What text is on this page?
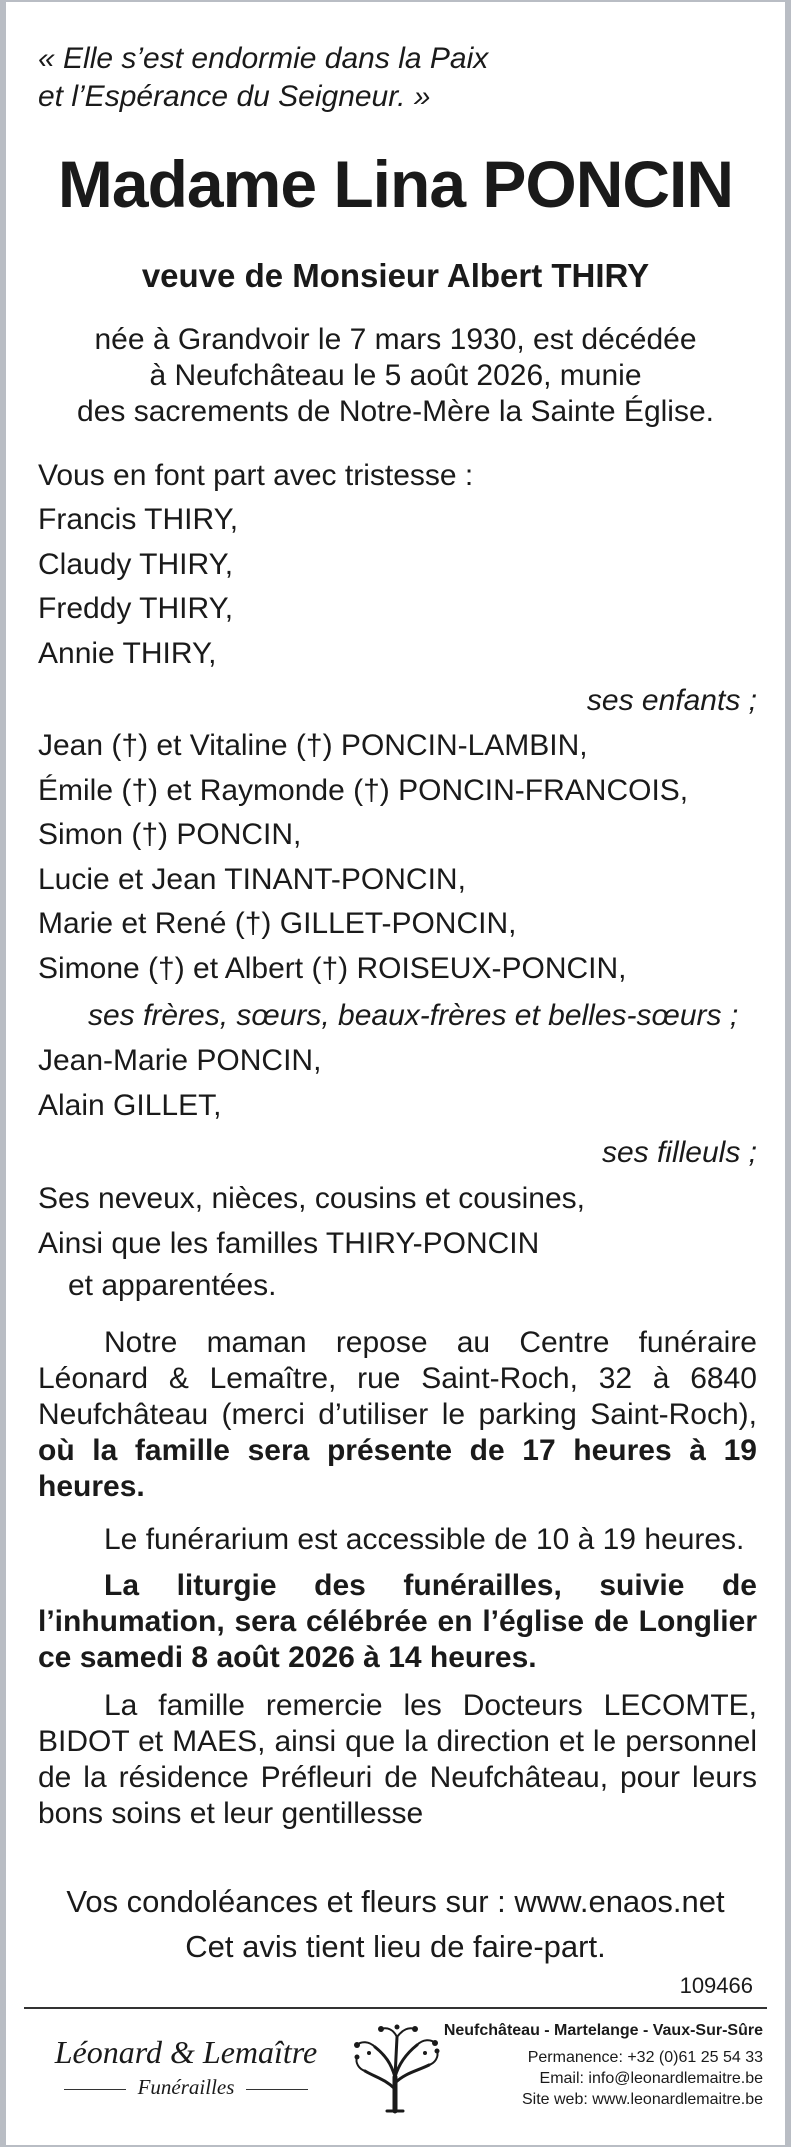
« Elle s’est endormie dans la Paix
et l’Espérance du Seigneur. »
Madame Lina PONCIN
veuve de Monsieur Albert THIRY
née à Grandvoir le 7 mars 1930, est décédée
à Neufchâteau le 5 août 2026, munie
des sacrements de Notre-Mère la Sainte Église.
Vous en font part avec tristesse :
Francis THIRY,
Claudy THIRY,
Freddy THIRY,
Annie THIRY,
ses enfants ;
Jean (†) et Vitaline (†) PONCIN-LAMBIN,
Émile (†) et Raymonde (†) PONCIN-FRANCOIS,
Simon (†) PONCIN,
Lucie et Jean TINANT-PONCIN,
Marie et René (†) GILLET-PONCIN,
Simone (†) et Albert (†) ROISEUX-PONCIN,
ses frères, sœurs, beaux-frères et belles-sœurs ;
Jean-Marie PONCIN,
Alain GILLET,
ses filleuls ;
Ses neveux, nièces, cousins et cousines,
Ainsi que les familles THIRY-PONCIN
et apparentées.
Notre maman repose au Centre funéraire Léonard & Lemaître, rue Saint-Roch, 32 à 6840 Neufchâteau (merci d’utiliser le parking Saint-Roch), où la famille sera présente de 17 heures à 19 heures.
Le funérarium est accessible de 10 à 19 heures.
La liturgie des funérailles, suivie de l’inhumation, sera célébrée en l’église de Longlier ce samedi 8 août 2026 à 14 heures.
La famille remercie les Docteurs LECOMTE, BIDOT et MAES, ainsi que la direction et le personnel de la résidence Préfleuri de Neufchâteau, pour leurs bons soins et leur gentillesse
Vos condoléances et fleurs sur : www.enaos.net
Cet avis tient lieu de faire-part.
109466
Léonard & Lemaître
Funérailles
Neufchâteau - Martelange - Vaux-Sur-Sûre
Permanence: +32 (0)61 25 54 33
Email: info@leonardlemaitre.be
Site web: www.leonardlemaitre.be
